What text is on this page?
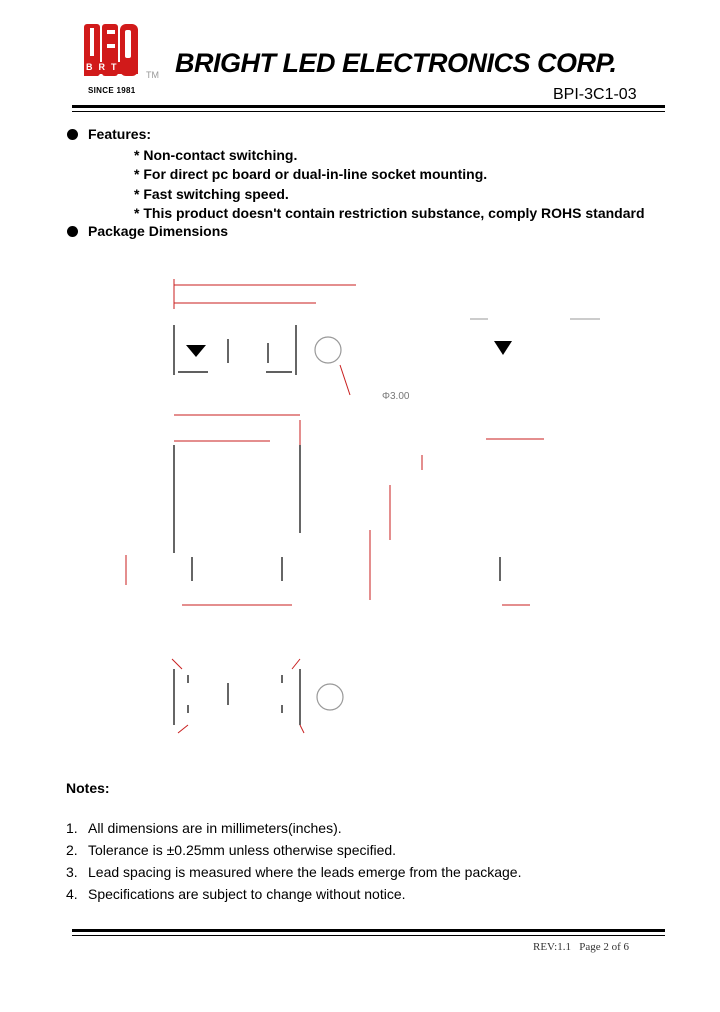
BRT
TM
SINCE 1981
BRIGHT LED ELECTRONICS CORP.
BPI-3C1-03
Features:
* Non-contact switching.
* For direct pc board or dual-in-line socket mounting.
* Fast switching speed.
* This product doesn't contain restriction substance, comply ROHS standard
Package Dimensions
Φ3.00
Notes:
1. All dimensions are in millimeters(inches).
2. Tolerance is ±0.25mm unless otherwise specified.
3. Lead spacing is measured where the leads emerge from the package.
4. Specifications are subject to change without notice.
REV:1.1 Page 2 of 6
